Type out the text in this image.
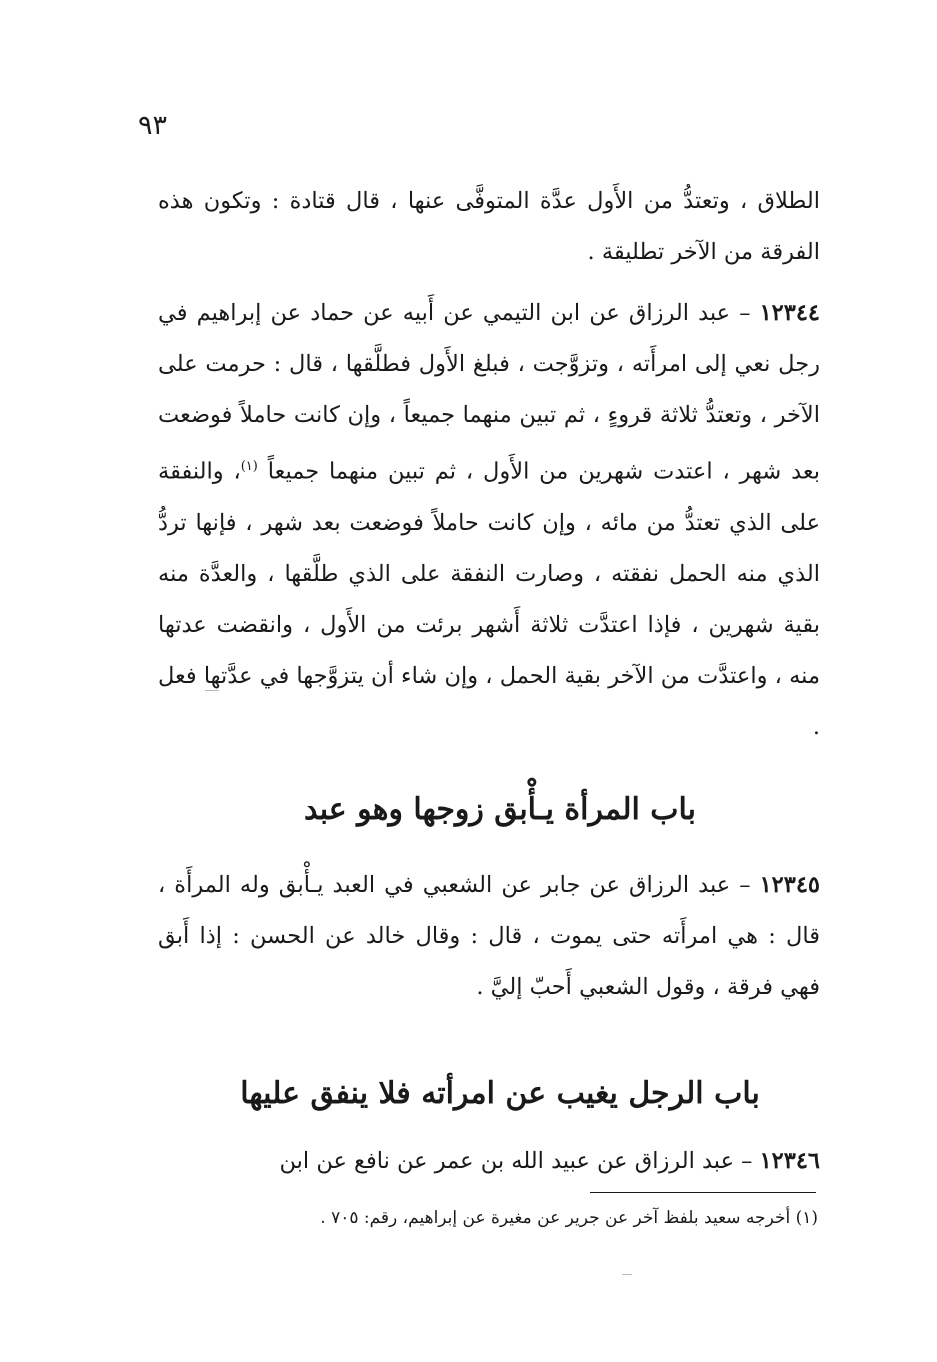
٩٣

الطلاق ، وتعتدُّ من الأَول عدَّة المتوفَّى عنها ، قال قتادة : وتكون هذه الفرقة من الآخر تطليقة .

١٢٣٤٤ – عبد الرزاق عن ابن التيمي عن أَبيه عن حماد عن إبراهيم في رجل نعي إلى امرأَته ، وتزوَّجت ، فبلغ الأَول فطلَّقها ، قال : حرمت على الآخر ، وتعتدُّ ثلاثة قروءٍ ، ثم تبين منهما جميعاً ، وإن كانت حاملاً فوضعت بعد شهر ، اعتدت شهرين من الأَول ، ثم تبين منهما جميعاً $^{(١)}$، والنفقة على الذي تعتدُّ من مائه ، وإن كانت حاملاً فوضعت بعد شهر ، فإنها تردُّ الذي منه الحمل نفقته ، وصارت النفقة على الذي طلَّقها ، والعدَّة منه بقية شهرين ، فإذا اعتدَّت ثلاثة أَشهر برئت من الأَول ، وانقضت عدتها منه ، واعتدَّت من الآخر بقية الحمل ، وإن شاء أن يتزوَّجها في عدَّتها فعل .

باب المرأة يـأْبق زوجها وهو عبد

١٢٣٤٥ – عبد الرزاق عن جابر عن الشعبي في العبد يـأْبق وله المرأَة ، قال : هي امرأَته حتى يموت ، قال : وقال خالد عن الحسن : إذا أَبق فهي فرقة ، وقول الشعبي أَحبّ إليَّ .

باب الرجل يغيب عن امرأته فلا ينفق عليها

١٢٣٤٦ – عبد الرزاق عن عبيد الله بن عمر عن نافع عن ابن

(١) أخرجه سعيد بلفظ آخر عن جرير عن مغيرة عن إبراهيم، رقم: ٧٠٥ .
